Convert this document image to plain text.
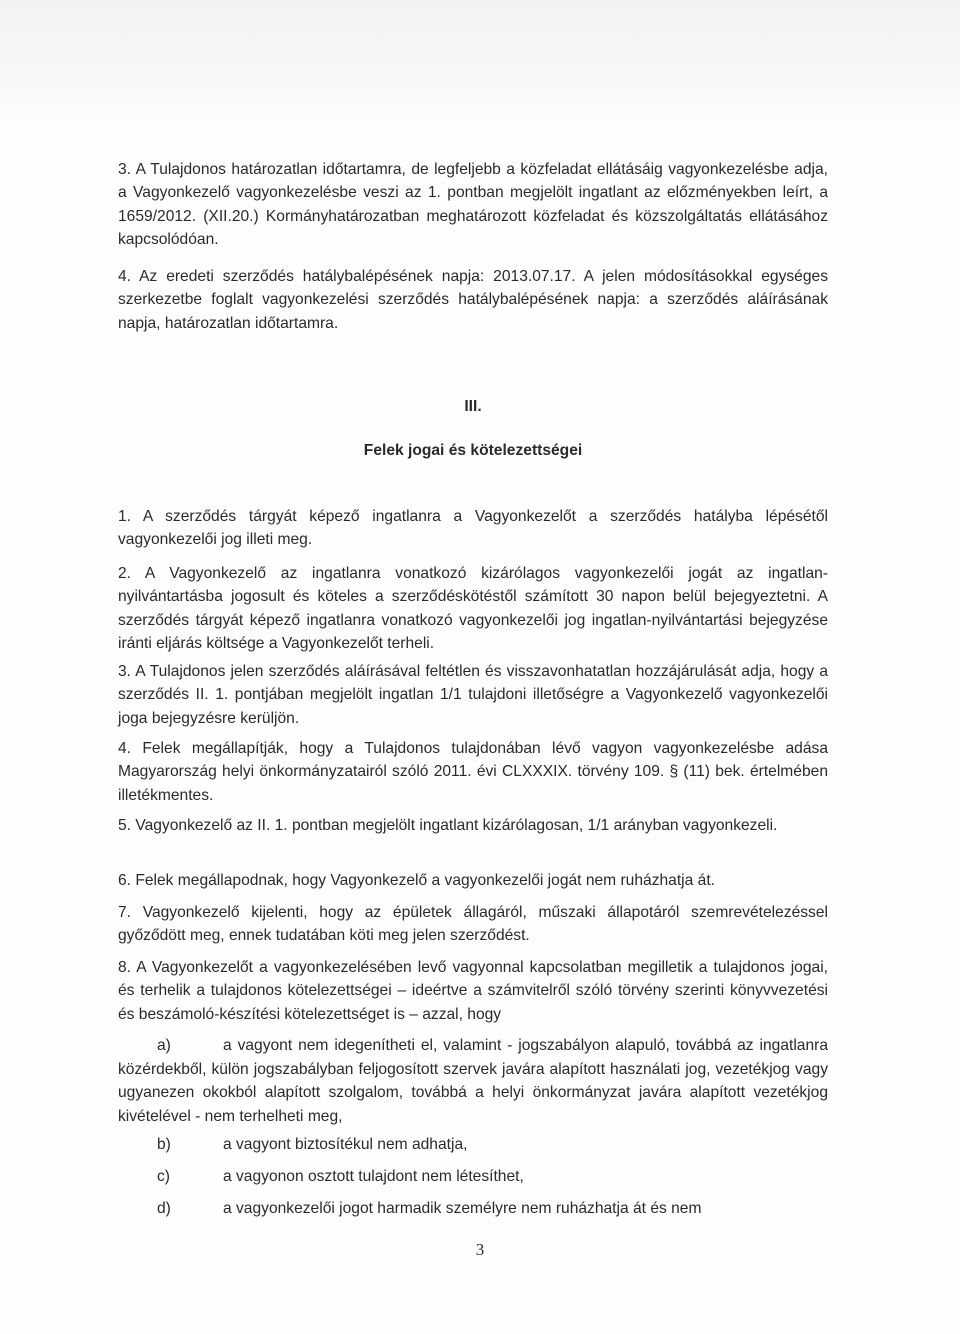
3. A Tulajdonos határozatlan időtartamra, de legfeljebb a közfeladat ellátásáig vagyonkezelésbe adja, a Vagyonkezelő vagyonkezelésbe veszi az 1. pontban megjelölt ingatlant az előzményekben leírt, a 1659/2012. (XII.20.) Kormányhatározatban meghatározott közfeladat és közszolgáltatás ellátásához kapcsolódóan.

4. Az eredeti szerződés hatálybalépésének napja: 2013.07.17. A jelen módosításokkal egységes szerkezetbe foglalt vagyonkezelési szerződés hatálybalépésének napja: a szerződés aláírásának napja, határozatlan időtartamra.

III.
Felek jogai és kötelezettségei

1. A szerződés tárgyát képező ingatlanra a Vagyonkezelőt a szerződés hatályba lépésétől vagyonkezelői jog illeti meg.

2. A Vagyonkezelő az ingatlanra vonatkozó kizárólagos vagyonkezelői jogát az ingatlan-nyilvántartásba jogosult és köteles a szerződéskötéstől számított 30 napon belül bejegyeztetni. A szerződés tárgyát képező ingatlanra vonatkozó vagyonkezelői jog ingatlan-nyilvántartási bejegyzése iránti eljárás költsége a Vagyonkezelőt terheli.

3. A Tulajdonos jelen szerződés aláírásával feltétlen és visszavonhatatlan hozzájárulását adja, hogy a szerződés II. 1. pontjában megjelölt ingatlan 1/1 tulajdoni illetőségre a Vagyonkezelő vagyonkezelői joga bejegyzésre kerüljön.

4. Felek megállapítják, hogy a Tulajdonos tulajdonában lévő vagyon vagyonkezelésbe adása Magyarország helyi önkormányzatairól szóló 2011. évi CLXXXIX. törvény 109. § (11) bek. értelmében illetékmentes.

5. Vagyonkezelő az II. 1. pontban megjelölt ingatlant kizárólagosan, 1/1 arányban vagyonkezeli.

6. Felek megállapodnak, hogy Vagyonkezelő a vagyonkezelői jogát nem ruházhatja át.

7. Vagyonkezelő kijelenti, hogy az épületek állagáról, műszaki állapotáról szemrevételezéssel győződött meg, ennek tudatában köti meg jelen szerződést.

8. A Vagyonkezelőt a vagyonkezelésében levő vagyonnal kapcsolatban megilletik a tulajdonos jogai, és terhelik a tulajdonos kötelezettségei – ideértve a számvitelről szóló törvény szerinti könyvvezetési és beszámoló-készítési kötelezettséget is – azzal, hogy

a)	a vagyont nem idegenítheti el, valamint - jogszabályon alapuló, továbbá az ingatlanra közérdekből, külön jogszabályban feljogosított szervek javára alapított használati jog, vezetékjog vagy ugyanezen okokból alapított szolgalom, továbbá a helyi önkormányzat javára alapított vezetékjog kivételével - nem terhelheti meg,
b)	a vagyont biztosítékul nem adhatja,
c)	a vagyonon osztott tulajdont nem létesíthet,
d)	a vagyonkezelői jogot harmadik személyre nem ruházhatja át és nem
3
